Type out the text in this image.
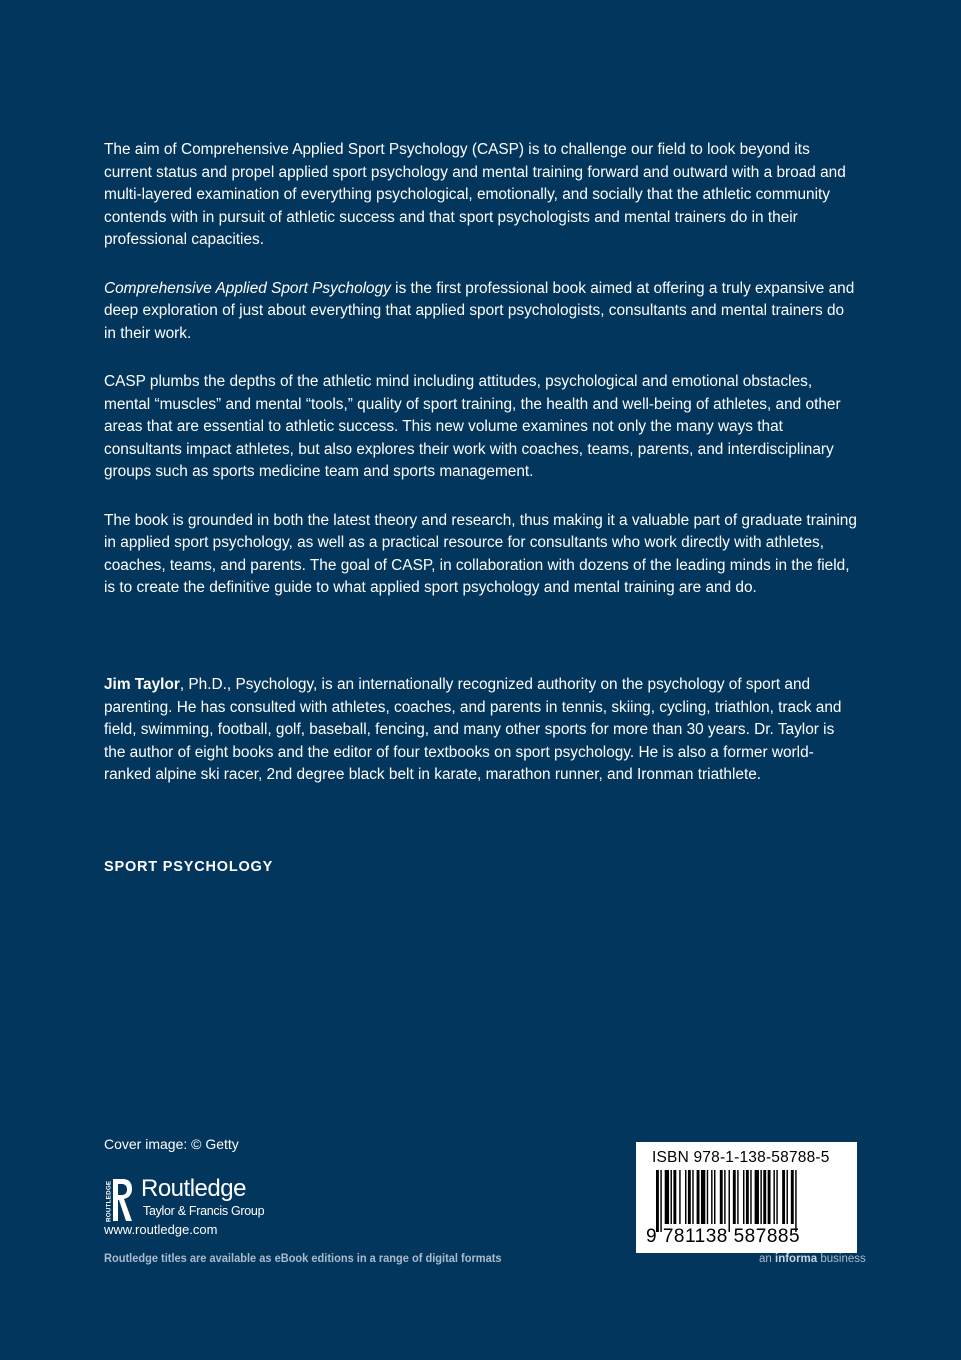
The aim of Comprehensive Applied Sport Psychology (CASP) is to challenge our field to look beyond its current status and propel applied sport psychology and mental training forward and outward with a broad and multi-layered examination of everything psychological, emotionally, and socially that the athletic community contends with in pursuit of athletic success and that sport psychologists and mental trainers do in their professional capacities.

Comprehensive Applied Sport Psychology is the first professional book aimed at offering a truly expansive and deep exploration of just about everything that applied sport psychologists, consultants and mental trainers do in their work.

CASP plumbs the depths of the athletic mind including attitudes, psychological and emotional obstacles, mental “muscles” and mental “tools,” quality of sport training, the health and well-being of athletes, and other areas that are essential to athletic success. This new volume examines not only the many ways that consultants impact athletes, but also explores their work with coaches, teams, parents, and interdisciplinary groups such as sports medicine team and sports management.

The book is grounded in both the latest theory and research, thus making it a valuable part of graduate training in applied sport psychology, as well as a practical resource for consultants who work directly with athletes, coaches, teams, and parents. The goal of CASP, in collaboration with dozens of the leading minds in the field, is to create the definitive guide to what applied sport psychology and mental training are and do.

Jim Taylor, Ph.D., Psychology, is an internationally recognized authority on the psychology of sport and parenting. He has consulted with athletes, coaches, and parents in tennis, skiing, cycling, triathlon, track and field, swimming, football, golf, baseball, fencing, and many other sports for more than 30 years. Dr. Taylor is the author of eight books and the editor of four textbooks on sport psychology. He is also a former world-ranked alpine ski racer, 2nd degree black belt in karate, marathon runner, and Ironman triathlete.

SPORT PSYCHOLOGY
Cover image: © Getty
ROUTLEDGE Routledge
Taylor & Francis Group
www.routledge.com
Routledge titles are available as eBook editions in a range of digital formats
ISBN 978-1-138-58788-5
9 781138 587885
an informa business
